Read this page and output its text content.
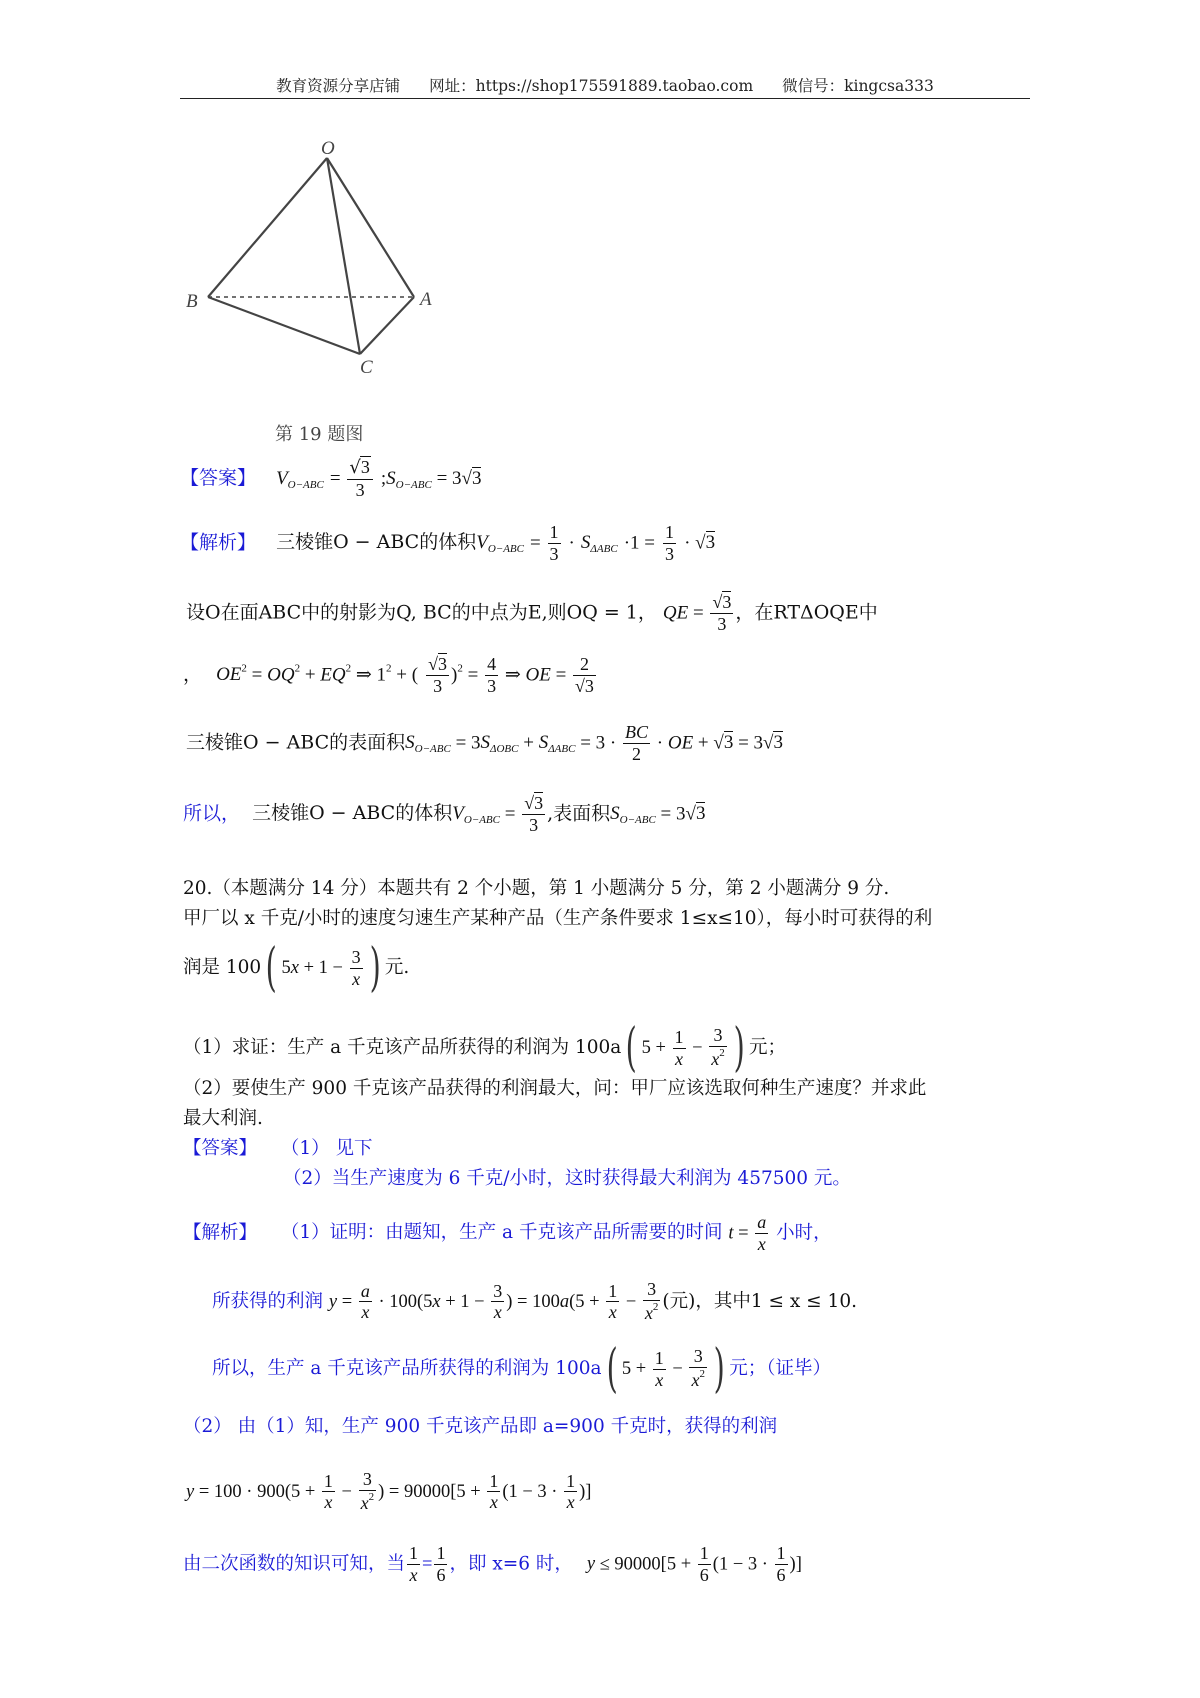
教育资源分享店铺 网址：https://shop175591889.taobao.com 微信号：kingcsa333
O
A
B
C
第 19 题图
【答案】 $V_{O-ABC} = \frac{√3}{3}$ $;S_{O-ABC} = 3√3$
【解析】 三棱锥O − ABC的体积$V_{O-ABC} = \frac{1}{3} \cdot S_{\Delta ABC} \cdot 1 = \frac{1}{3} \cdot √3$
设O在面ABC中的射影为Q, BC的中点为E,则OQ = 1， QE = $\frac{√3}{3}$ ，在RTΔOQE中
， $OE^2 = OQ^2 + EQ^2$ ⇒ $1^2$ + ( $\frac{√3}{3} )^2 = \frac{4}{3}$ ⇒ OE = $\frac{2}{√3}$
三棱锥O − ABC的表面积$S_{O-ABC} = 3S_{\Delta OBC} + S_{\Delta ABC} = 3 \cdot \frac{BC}{2}$ · OE + √3 = 3√3
所以， 三棱锥O − ABC的体积$V_{O-ABC} = \frac{√3}{3}$ ,表面积$S_{O-ABC} = 3√3$
20.（本题满分 14 分）本题共有 2 个小题，第 1 小题满分 5 分，第 2 小题满分 9 分.
甲厂以 x 千克/小时的速度匀速生产某种产品（生产条件要求 1≤x≤10），每小时可获得的利
润是 100( $5x + 1 - \frac{3}{x}$ ) 元.
（1）求证：生产 a 千克该产品所获得的利润为 100a( $5 + \frac{1}{x} - \frac{3}{x^2}$ ) 元；
（2）要使生产 900 千克该产品获得的利润最大，问：甲厂应该选取何种生产速度？并求此
最大利润.
【答案】 （1） 见下
（2）当生产速度为 6 千克/小时，这时获得最大利润为 457500 元。
【解析】 （1）证明：由题知，生产 a 千克该产品所需要的时间 $t = \frac{a}{x}$ 小时，
所获得的利润 $y = \frac{a}{x} \cdot 100(5x + 1 - \frac{3}{x}$ ) = $100a(5 + \frac{1}{x} - \frac{3}{x^2}$ (元)，其中1 ≤ x ≤ 10.
所以，生产 a 千克该产品所获得的利润为 100a( $5 + \frac{1}{x} - \frac{3}{x^2}$ ) 元；（证毕）
（2） 由（1）知，生产 900 千克该产品即 a=900 千克时，获得的利润
$y = 100 \cdot 900(5 + \frac{1}{x} - \frac{3}{x^2}$ ) = $90000[5 + \frac{1}{x} (1 - 3 \cdot \frac{1}{x}$ )]
由二次函数的知识可知，当 $\frac{1}{x} = \frac{1}{6}$ ，即 x=6 时， $y \le 90000[5 + \frac{1}{6} (1 - 3 \cdot \frac{1}{6}$ )]
